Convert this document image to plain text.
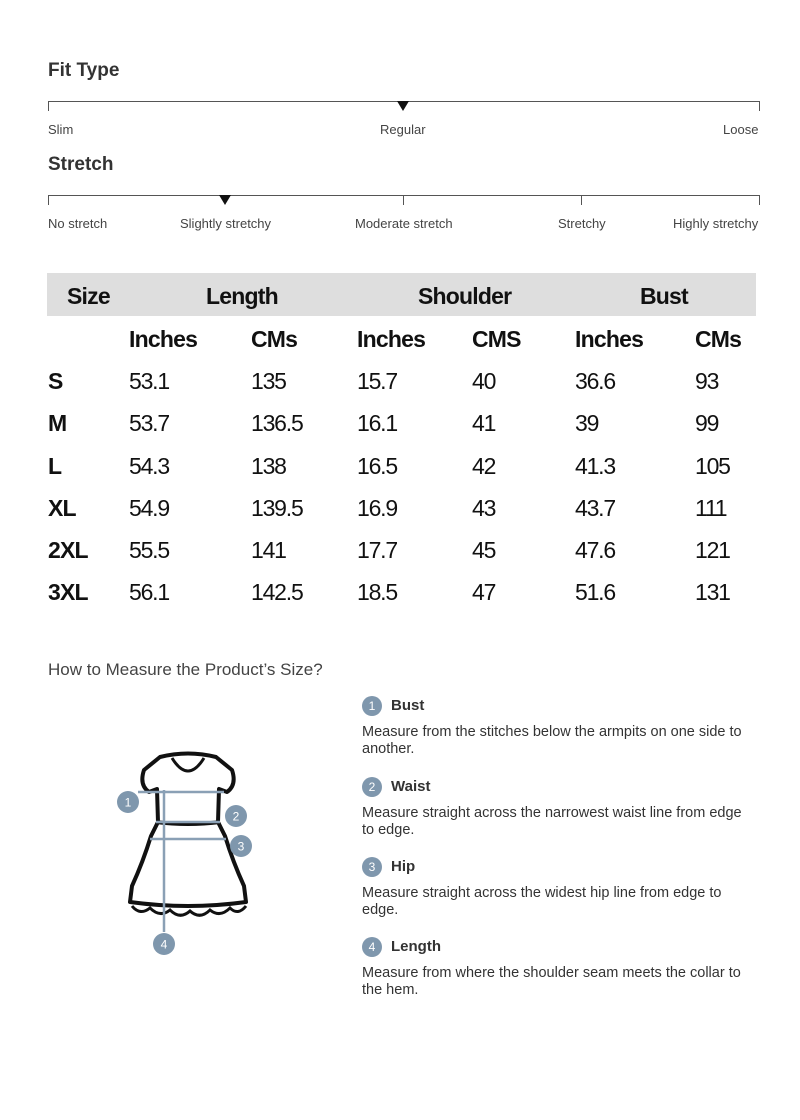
Fit Type
Slim	Regular	Loose
Stretch
No stretch	Slightly stretchy	Moderate stretch	Stretchy	Highly stretchy
Size	Length	Shoulder	Bust
Inches CMs	Inches CMS Inches CMs
S	53.1	135	15.7	40	36.6	93
M	53.7	136.5 16.1	41	39	99
L	54.3	138	16.5	42	41.3	105
XL 54.9	139.5 16.9	43	43.7	111
2XL 55.5	141	17.7	45	47.6	121
3XL 56.1	142.5 18.5	47	51.6	131
How to Measure the Product’s Size?
1
2
3
4
1	Bust
Measure from the stitches below the armpits on one side to another.
2	Waist
Measure straight across the narrowest waist line from edge to edge.
3	Hip
Measure straight across the widest hip line from edge to edge.
4	Length
Measure from where the shoulder seam meets the collar to the hem.
